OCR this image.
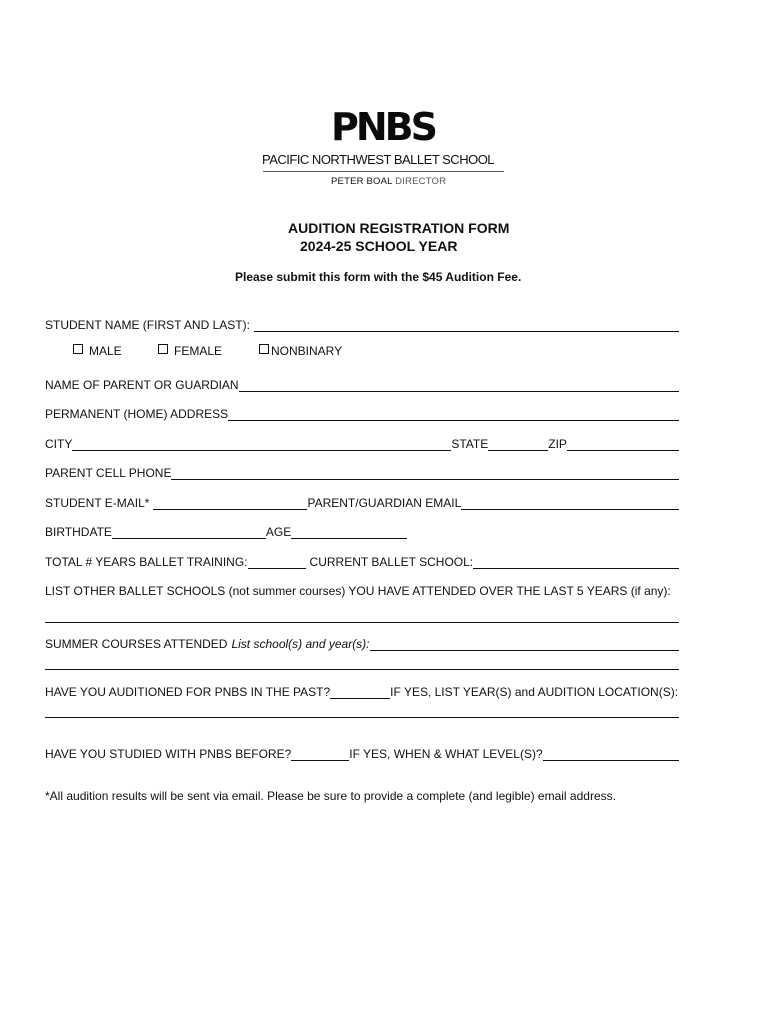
PNBS
PACIFIC NORTHWEST BALLET SCHOOL
PETER BOAL DIRECTOR
AUDITION REGISTRATION FORM
2024-25 SCHOOL YEAR
Please submit this form with the $45 Audition Fee.
STUDENT NAME (FIRST AND LAST):
MALE	FEMALE	NONBINARY
NAME OF PARENT OR GUARDIAN
PERMANENT (HOME) ADDRESS
CITY	STATE	ZIP
PARENT CELL PHONE
STUDENT E-MAIL*	PARENT/GUARDIAN EMAIL
BIRTHDATE	AGE
TOTAL # YEARS BALLET TRAINING:	CURRENT BALLET SCHOOL:
LIST OTHER BALLET SCHOOLS (not summer courses) YOU HAVE ATTENDED OVER THE LAST 5 YEARS (if any):
SUMMER COURSES ATTENDED List school(s) and year(s):
HAVE YOU AUDITIONED FOR PNBS IN THE PAST?	IF YES, LIST YEAR(S) and AUDITION LOCATION(S):
HAVE YOU STUDIED WITH PNBS BEFORE?	IF YES, WHEN & WHAT LEVEL(S)?
*All audition results will be sent via email. Please be sure to provide a complete (and legible) email address.
